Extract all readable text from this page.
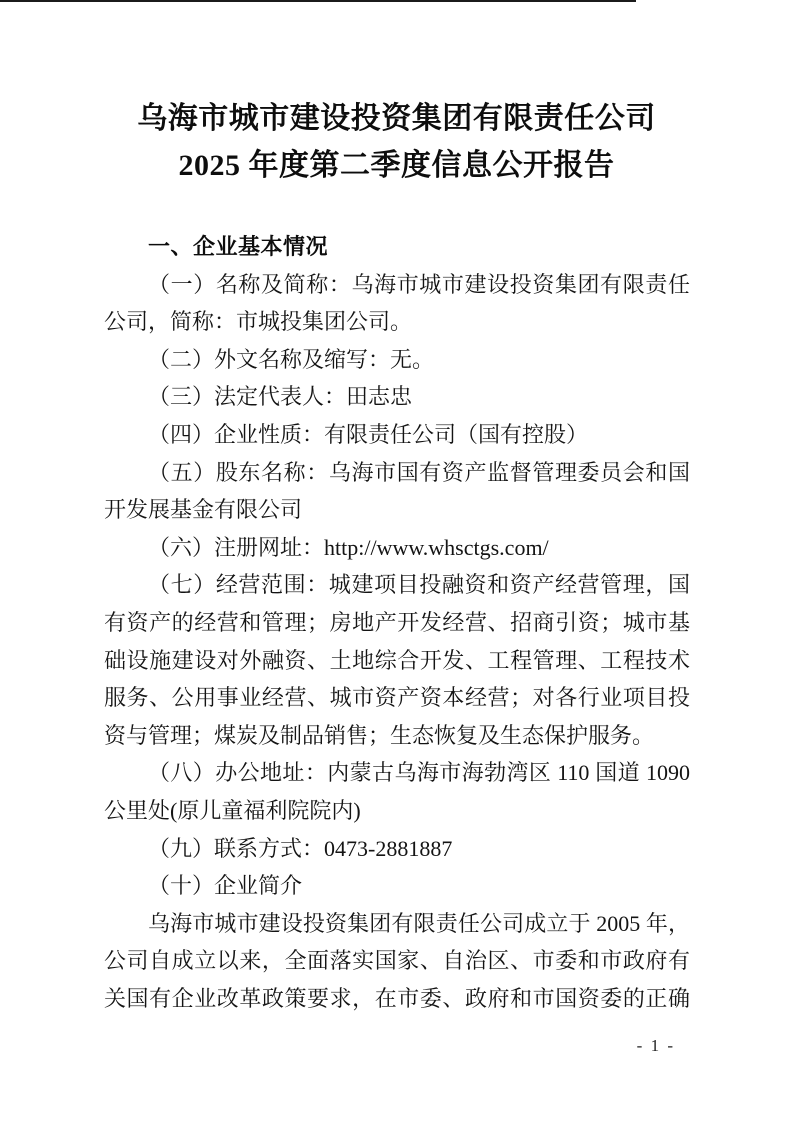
乌海市城市建设投资集团有限责任公司
2025 年度第二季度信息公开报告
一、企业基本情况
（一）名称及简称：乌海市城市建设投资集团有限责任
公司，简称：市城投集团公司。
（二）外文名称及缩写：无。
（三）法定代表人：田志忠
（四）企业性质：有限责任公司（国有控股）
（五）股东名称：乌海市国有资产监督管理委员会和国
开发展基金有限公司
（六）注册网址：http://www.whsctgs.com/
（七）经营范围：城建项目投融资和资产经营管理，国
有资产的经营和管理；房地产开发经营、招商引资；城市基
础设施建设对外融资、土地综合开发、工程管理、工程技术
服务、公用事业经营、城市资产资本经营；对各行业项目投
资与管理；煤炭及制品销售；生态恢复及生态保护服务。
（八）办公地址：内蒙古乌海市海勃湾区 110 国道 1090
公里处(原儿童福利院院内)
（九）联系方式：0473-2881887
（十）企业简介
乌海市城市建设投资集团有限责任公司成立于 2005 年，
公司自成立以来，全面落实国家、自治区、市委和市政府有
关国有企业改革政策要求，在市委、政府和市国资委的正确
- 1 -
